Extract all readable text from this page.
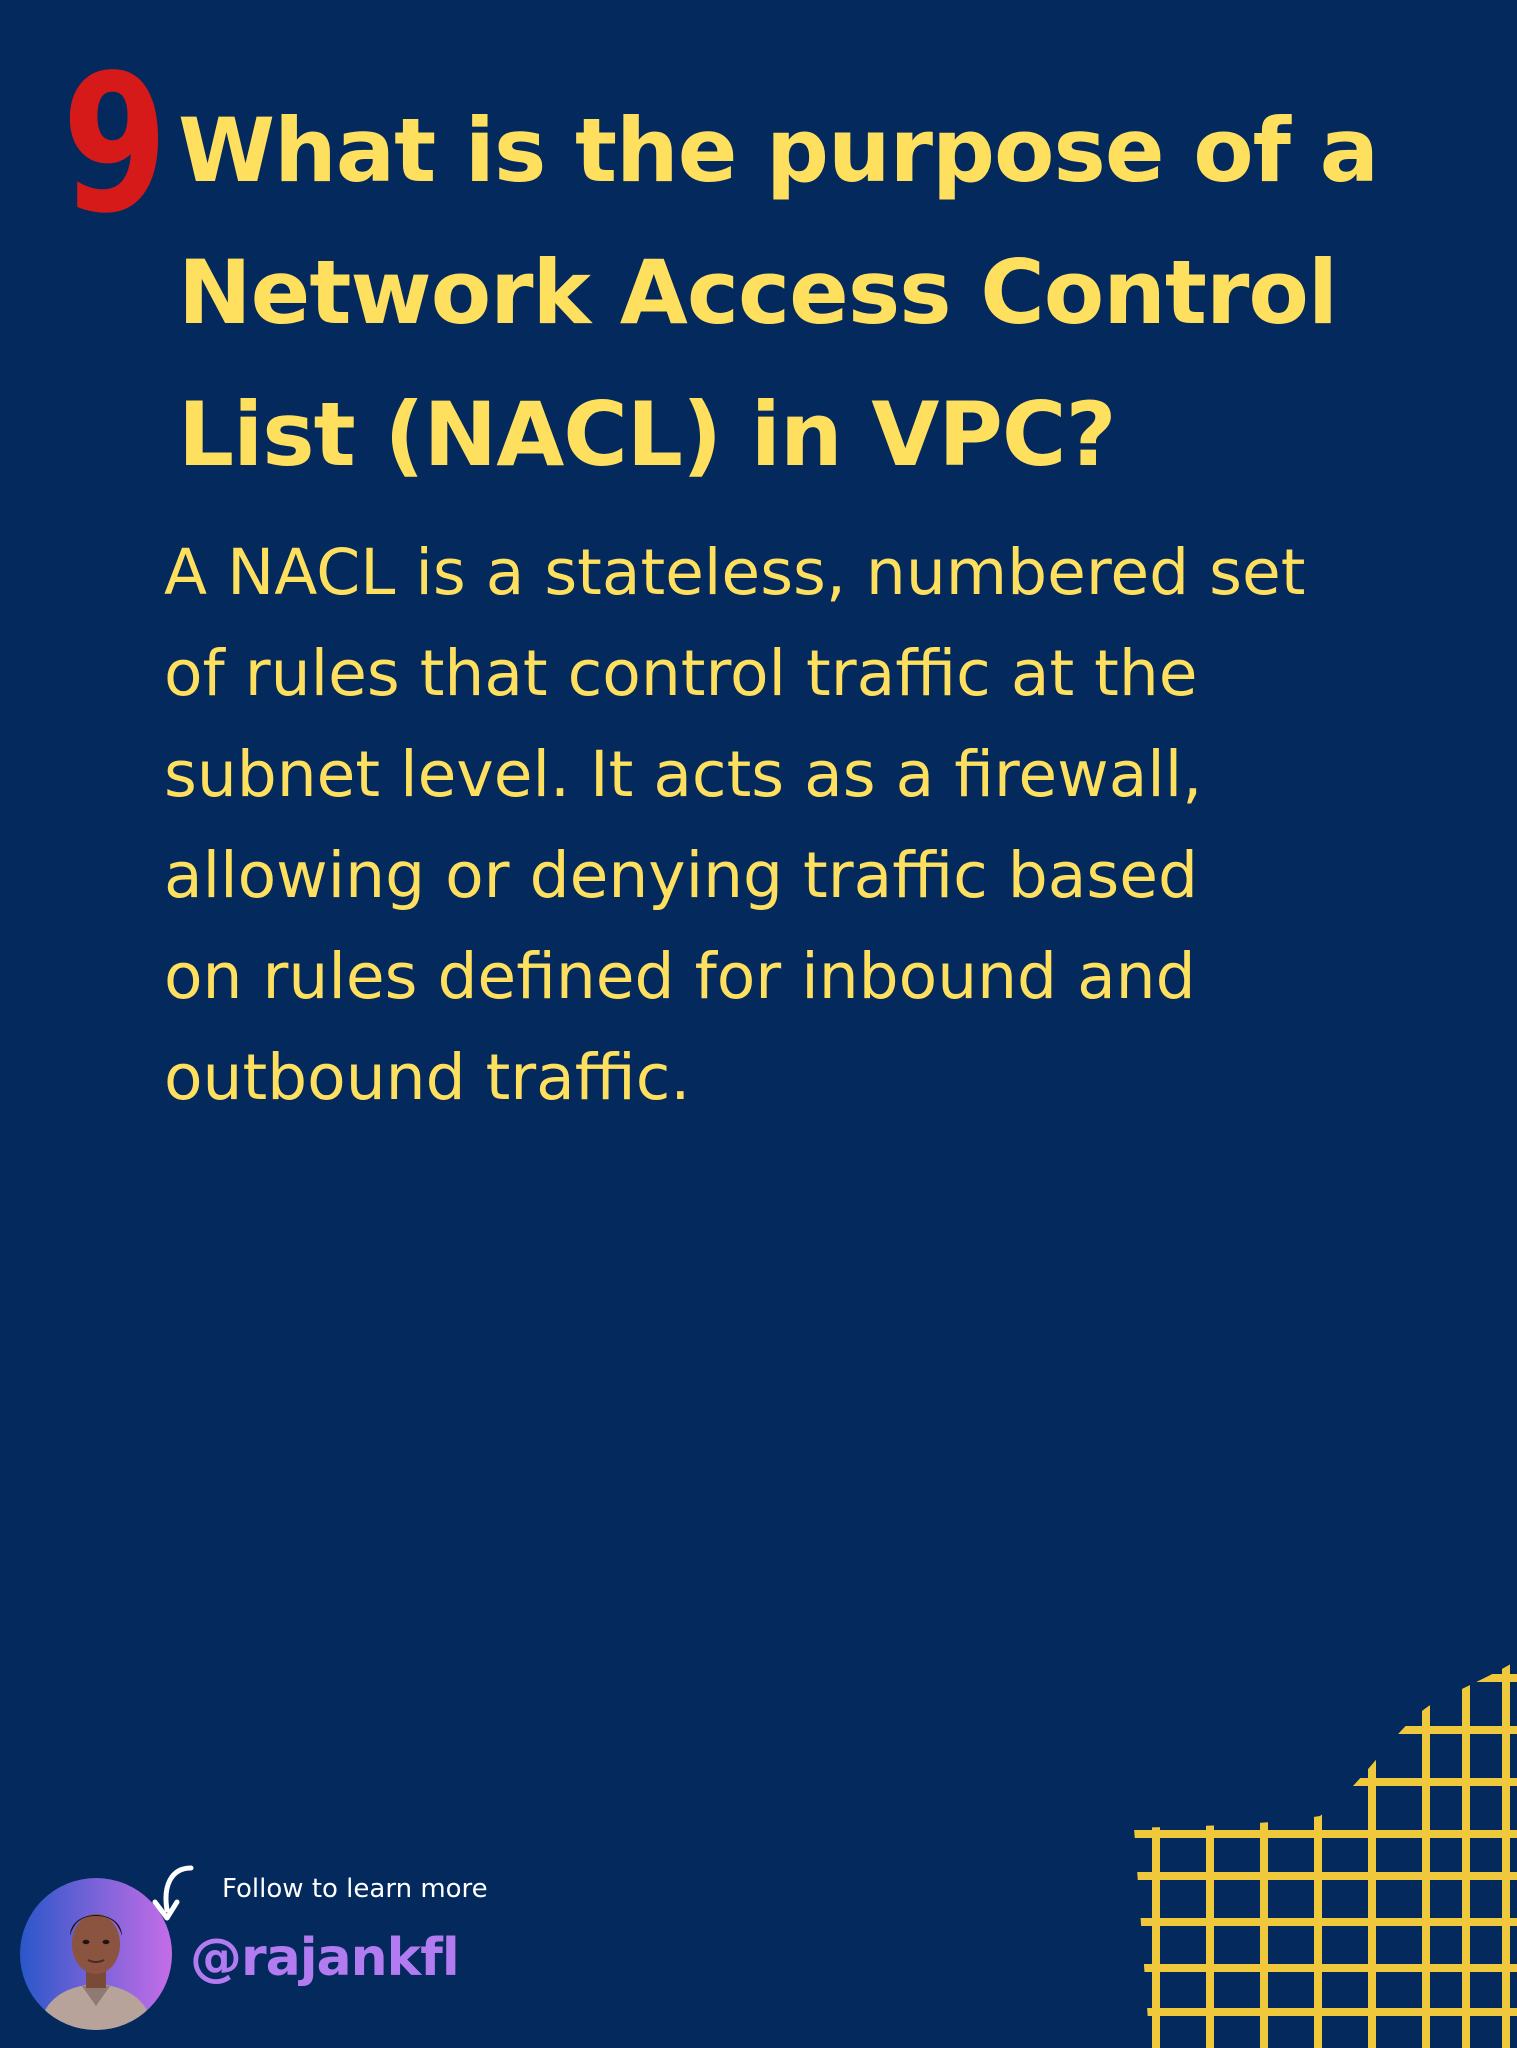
9 What is the purpose of a
Network Access Control
List (NACL) in VPC?

A NACL is a stateless, numbered set
of rules that control traffic at the
subnet level. It acts as a firewall,
allowing or denying traffic based
on rules defined for inbound and
outbound traffic.

Follow to learn more
@rajankfl
